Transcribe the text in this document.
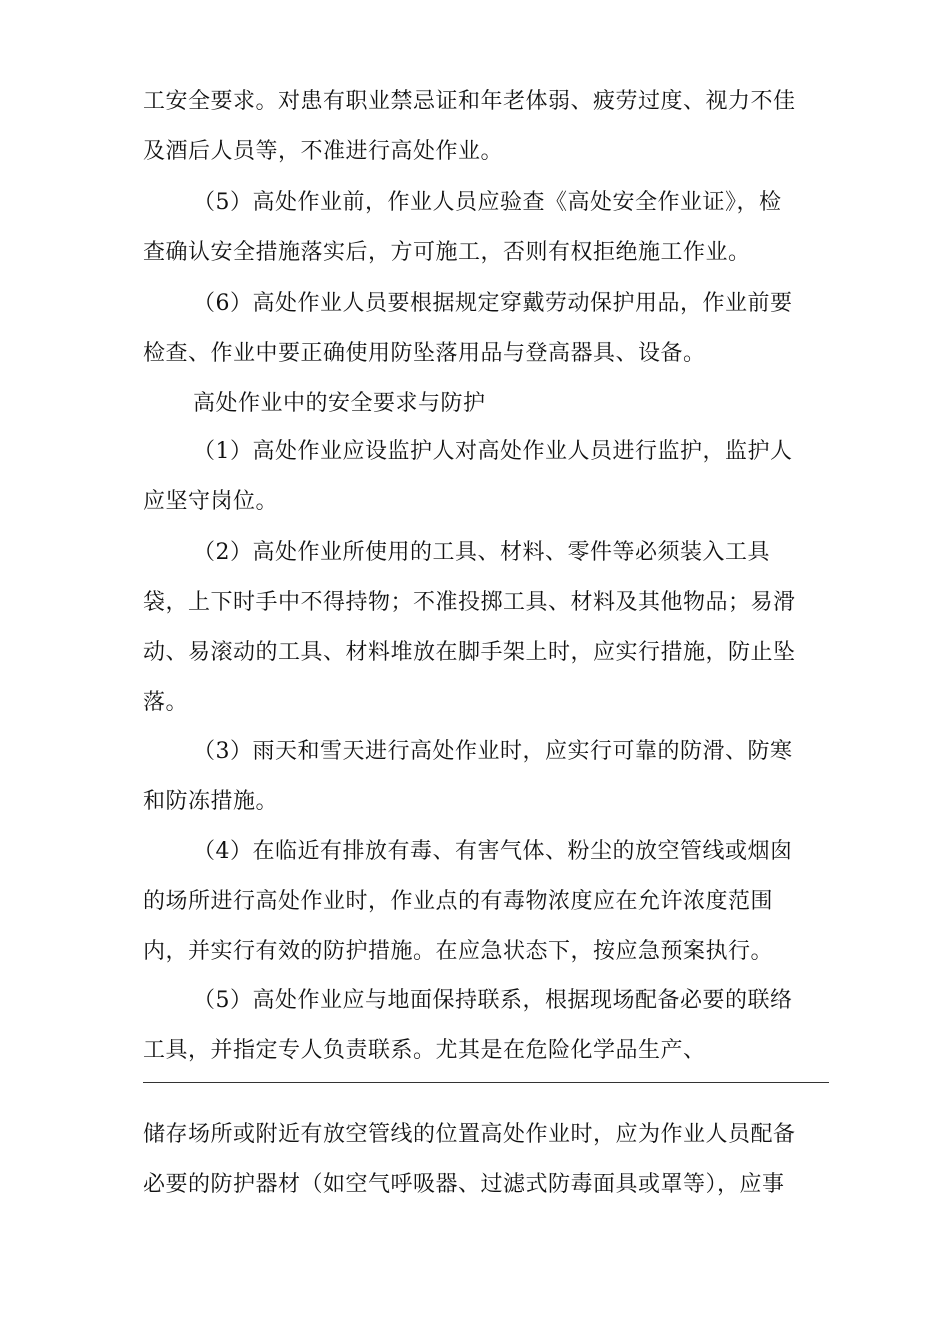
工安全要求。对患有职业禁忌证和年老体弱、疲劳过度、视力不佳
及酒后人员等，不准进行高处作业。
（5）高处作业前，作业人员应验查《高处安全作业证》，检
查确认安全措施落实后，方可施工，否则有权拒绝施工作业。
（6）高处作业人员要根据规定穿戴劳动保护用品，作业前要
检查、作业中要正确使用防坠落用品与登高器具、设备。
高处作业中的安全要求与防护
（1）高处作业应设监护人对高处作业人员进行监护，监护人
应坚守岗位。
（2）高处作业所使用的工具、材料、零件等必须装入工具
袋，上下时手中不得持物；不准投掷工具、材料及其他物品；易滑
动、易滚动的工具、材料堆放在脚手架上时，应实行措施，防止坠
落。
（3）雨天和雪天进行高处作业时，应实行可靠的防滑、防寒
和防冻措施。
（4）在临近有排放有毒、有害气体、粉尘的放空管线或烟囱
的场所进行高处作业时，作业点的有毒物浓度应在允许浓度范围
内，并实行有效的防护措施。在应急状态下，按应急预案执行。
（5）高处作业应与地面保持联系，根据现场配备必要的联络
工具，并指定专人负责联系。尤其是在危险化学品生产、
储存场所或附近有放空管线的位置高处作业时，应为作业人员配备
必要的防护器材（如空气呼吸器、过滤式防毒面具或罩等），应事
